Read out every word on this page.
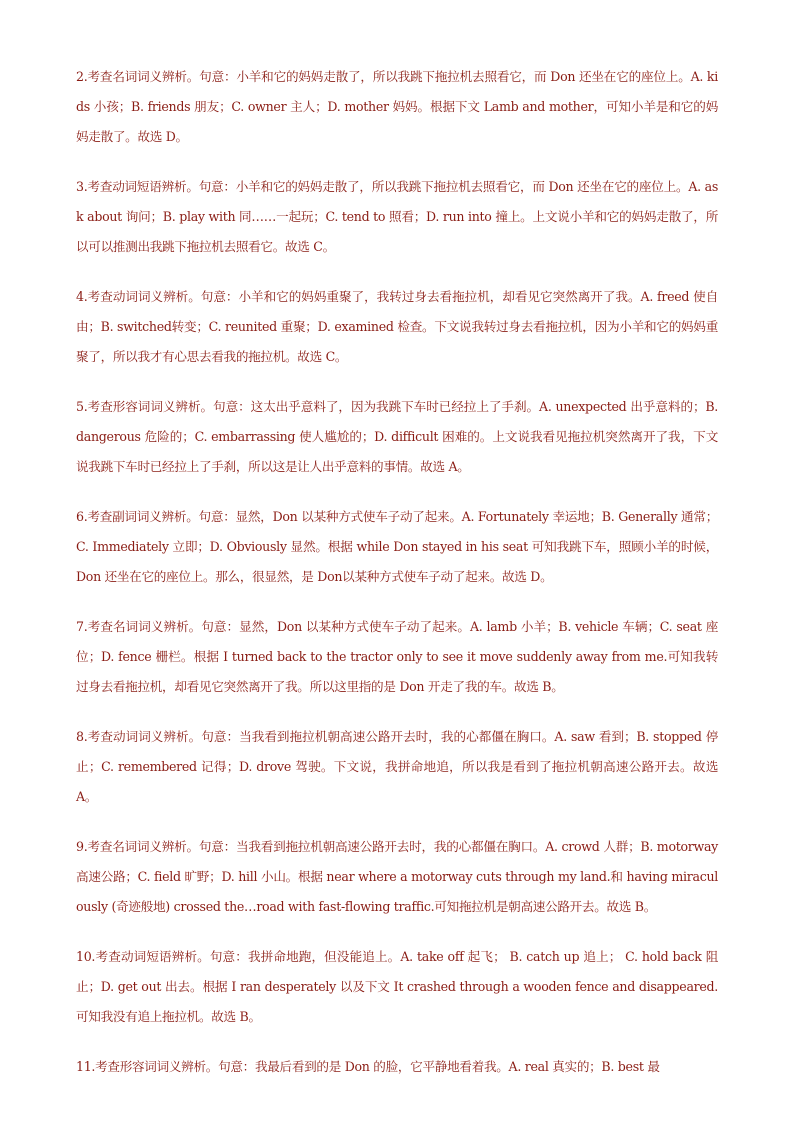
2.考查名词词义辨析。句意：小羊和它的妈妈走散了，所以我跳下拖拉机去照看它，而 Don 还坐在它的座位上。A. kids 小孩；B. friends 朋友；C. owner 主人；D. mother 妈妈。根据下文 Lamb and mother，可知小羊是和它的妈妈走散了。故选 D。

3.考查动词短语辨析。句意：小羊和它的妈妈走散了，所以我跳下拖拉机去照看它，而 Don 还坐在它的座位上。A. ask about 询问；B. play with 同……一起玩；C. tend to 照看；D. run into 撞上。上文说小羊和它的妈妈走散了，所以可以推测出我跳下拖拉机去照看它。故选 C。

4.考查动词词义辨析。句意：小羊和它的妈妈重聚了，我转过身去看拖拉机，却看见它突然离开了我。A. freed 使自由；B. switched转变；C. reunited 重聚；D. examined 检查。下文说我转过身去看拖拉机，因为小羊和它的妈妈重聚了，所以我才有心思去看我的拖拉机。故选 C。

5.考查形容词词义辨析。句意：这太出乎意料了，因为我跳下车时已经拉上了手刹。A. unexpected 出乎意料的；B. dangerous 危险的；C. embarrassing 使人尴尬的；D. difficult 困难的。上文说我看见拖拉机突然离开了我，下文说我跳下车时已经拉上了手刹，所以这是让人出乎意料的事情。故选 A。

6.考查副词词义辨析。句意：显然，Don 以某种方式使车子动了起来。A. Fortunately 幸运地；B. Generally 通常；C. Immediately 立即；D. Obviously 显然。根据 while Don stayed in his seat 可知我跳下车，照顾小羊的时候，Don 还坐在它的座位上。那么，很显然，是 Don以某种方式使车子动了起来。故选 D。

7.考查名词词义辨析。句意：显然，Don 以某种方式使车子动了起来。A. lamb 小羊；B. vehicle 车辆；C. seat 座位；D. fence 栅栏。根据 I turned back to the tractor only to see it move suddenly away from me.可知我转过身去看拖拉机，却看见它突然离开了我。所以这里指的是 Don 开走了我的车。故选 B。

8.考查动词词义辨析。句意：当我看到拖拉机朝高速公路开去时，我的心都僵在胸口。A. saw 看到；B. stopped 停止；C. remembered 记得；D. drove 驾驶。下文说，我拼命地追，所以我是看到了拖拉机朝高速公路开去。故选 A。

9.考查名词词义辨析。句意：当我看到拖拉机朝高速公路开去时，我的心都僵在胸口。A. crowd 人群；B. motorway 高速公路；C. field 旷野；D. hill 小山。根据 near where a motorway cuts through my land.和 having miraculously (奇迹般地) crossed the…road with fast-flowing traffic.可知拖拉机是朝高速公路开去。故选 B。

10.考查动词短语辨析。句意：我拼命地跑，但没能追上。A. take off 起飞； B. catch up 追上； C. hold back 阻止；D. get out 出去。根据 I ran desperately 以及下文 It crashed through a wooden fence and disappeared.可知我没有追上拖拉机。故选 B。

11.考查形容词词义辨析。句意：我最后看到的是 Don 的脸，它平静地看着我。A. real 真实的；B. best 最
